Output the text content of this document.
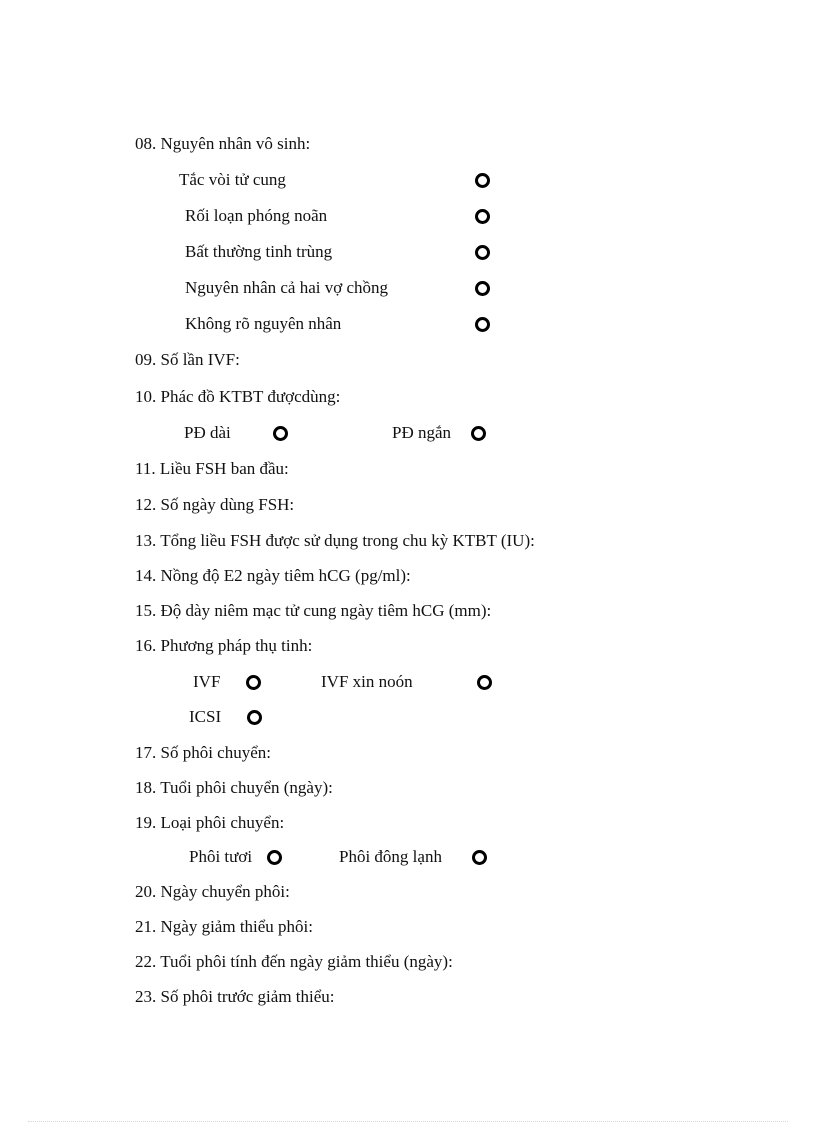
08. Nguyên nhân vô sinh:
Tắc vòi tử cung
Rối loạn phóng noãn
Bất thường tinh trùng
Nguyên nhân cả hai vợ chồng
Không rõ nguyên nhân
09. Số lần IVF:
10. Phác đồ KTBT đượcdùng:
PĐ dài	PĐ ngắn
11. Liều FSH ban đầu:
12. Số ngày dùng FSH:
13. Tổng liều FSH được sử dụng trong chu kỳ KTBT (IU):
14. Nồng độ E2 ngày tiêm hCG (pg/ml):
15. Độ dày niêm mạc tử cung ngày tiêm hCG (mm):
16. Phương pháp thụ tinh:
IVF	IVF xin noón
ICSI
17. Số phôi chuyển:
18. Tuổi phôi chuyển (ngày):
19. Loại phôi chuyển:
Phôi tươi	Phôi đông lạnh
20. Ngày chuyển phôi:
21. Ngày giảm thiểu phôi:
22. Tuổi phôi tính đến ngày giảm thiểu (ngày):
23. Số phôi trước giảm thiểu:
